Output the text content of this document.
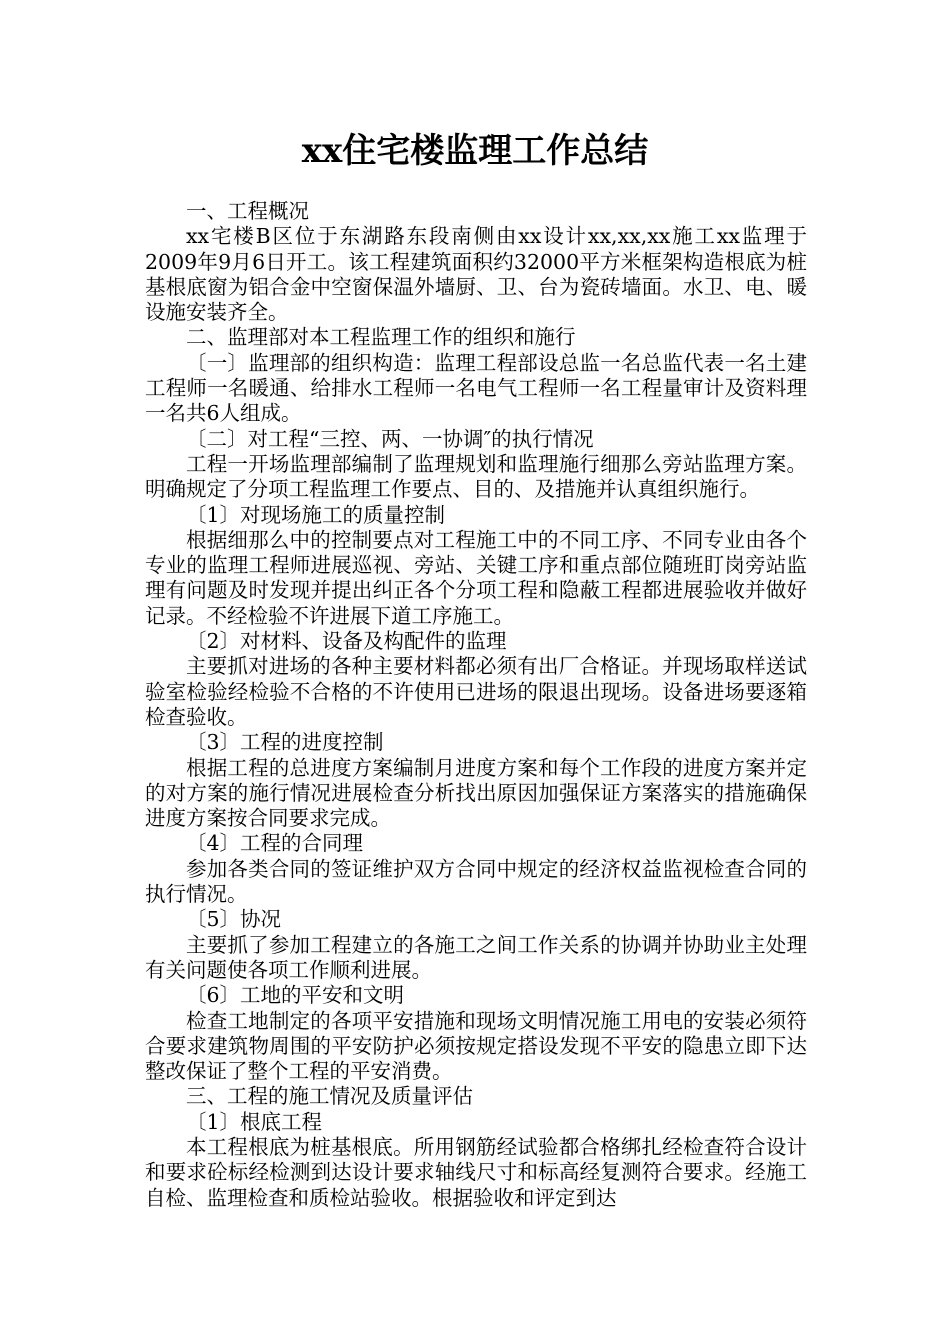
xx住宅楼监理工作总结

一、工程概况

xx宅楼B区位于东湖路东段南侧由xx设计xx,xx,xx施工xx监理于2009年9月6日开工。该工程建筑面积约32000平方米框架构造根底为桩基根底窗为铝合金中空窗保温外墙厨、卫、台为瓷砖墙面。水卫、电、暖设施安装齐全。

二、监理部对本工程监理工作的组织和施行

〔一〕监理部的组织构造：监理工程部设总监一名总监代表一名土建工程师一名暖通、给排水工程师一名电气工程师一名工程量审计及资料理一名共6人组成。

〔二〕对工程“三控、两、一协调″的执行情况

工程一开场监理部编制了监理规划和监理施行细那么旁站监理方案。明确规定了分项工程监理工作要点、目的、及措施并认真组织施行。

〔1〕对现场施工的质量控制

根据细那么中的控制要点对工程施工中的不同工序、不同专业由各个专业的监理工程师进展巡视、旁站、关键工序和重点部位随班盯岗旁站监理有问题及时发现并提出纠正各个分项工程和隐蔽工程都进展验收并做好记录。不经检验不许进展下道工序施工。

〔2〕对材料、设备及构配件的监理

主要抓对进场的各种主要材料都必须有出厂合格证。并现场取样送试验室检验经检验不合格的不许使用已进场的限退出现场。设备进场要逐箱检查验收。

〔3〕工程的进度控制

根据工程的总进度方案编制月进度方案和每个工作段的进度方案并定的对方案的施行情况进展检查分析找出原因加强保证方案落实的措施确保进度方案按合同要求完成。

〔4〕工程的合同理

参加各类合同的签证维护双方合同中规定的经济权益监视检查合同的执行情况。

〔5〕协况

主要抓了参加工程建立的各施工之间工作关系的协调并协助业主处理有关问题使各项工作顺利进展。

〔6〕工地的平安和文明

检查工地制定的各项平安措施和现场文明情况施工用电的安装必须符合要求建筑物周围的平安防护必须按规定搭设发现不平安的隐患立即下达整改保证了整个工程的平安消费。

三、工程的施工情况及质量评估

〔1〕根底工程

本工程根底为桩基根底。所用钢筋经试验都合格绑扎经检查符合设计和要求砼标经检测到达设计要求轴线尺寸和标高经复测符合要求。经施工自检、监理检查和质检站验收。根据验收和评定到达
